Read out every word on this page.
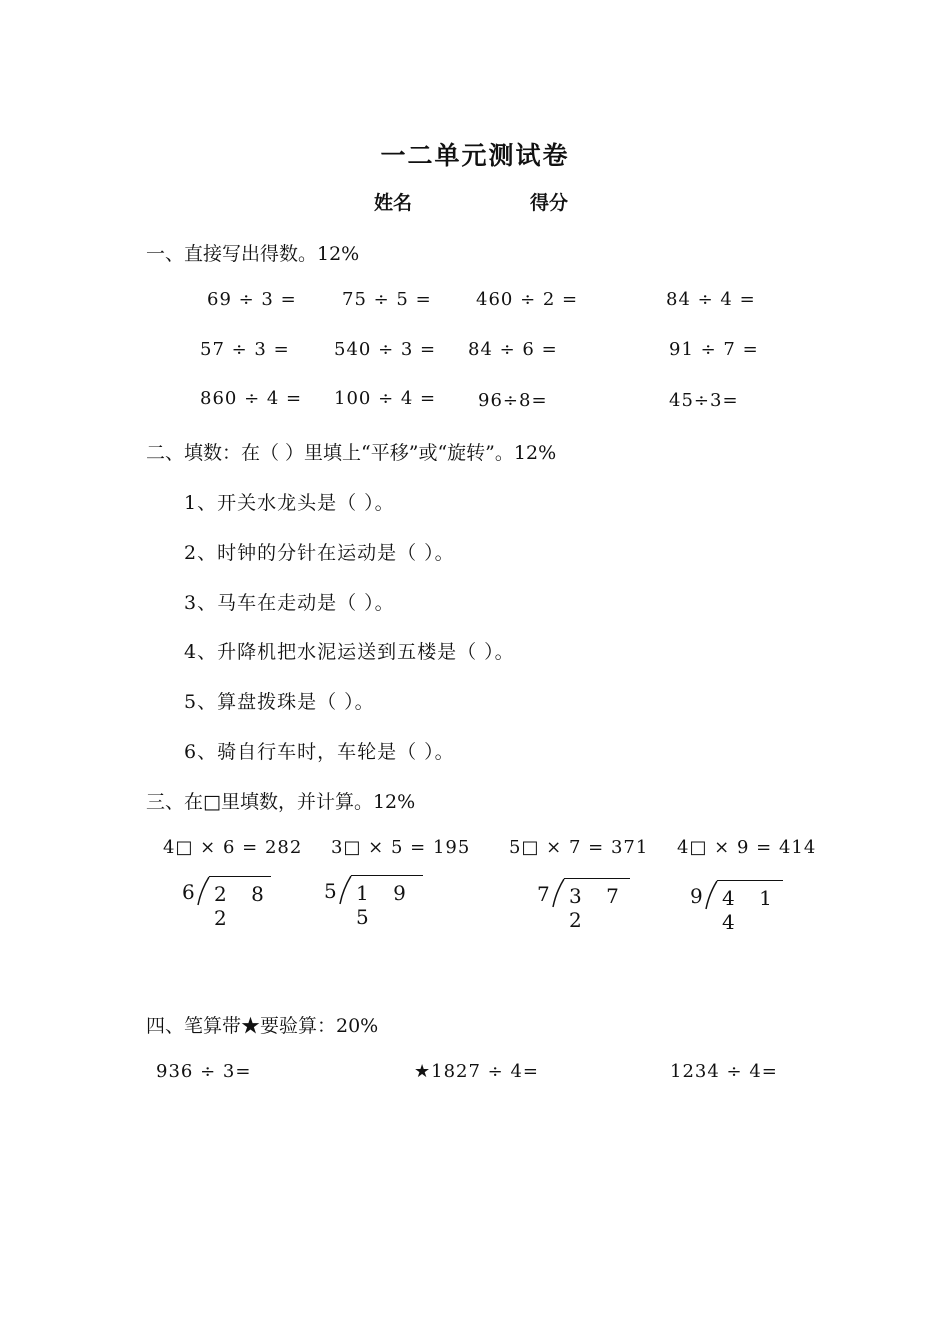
一二单元测试卷
姓名	得分
一、直接写出得数。12%
69 ÷ 3 =	75 ÷ 5 = 460 ÷ 2 =	84 ÷ 4 =
57 ÷ 3 = 540 ÷ 3 = 84 ÷ 6 =	91 ÷ 7 =
860 ÷ 4 = 100 ÷ 4 = 96÷8=	45÷3=
二、填数：在（ ）里填上“平移”或“旋转”。12%
1、开关水龙头是（ ）。
2、时钟的分针在运动是（ ）。
3、马车在走动是（ ）。
4、升降机把水泥运送到五楼是（ ）。
5、算盘拨珠是（ ）。
6、骑自行车时，车轮是（ ）。
三、在□里填数，并计算。12%
4□ × 6 = 282 3□ × 5 = 195 5□ × 7 = 371 4□ × 9 = 414
6 2 8 2
5 1 9 5
7 3 7 2
9 4 1 4
四、笔算带★要验算：20%
936 ÷ 3=	★1827 ÷ 4=	1234 ÷ 4=
